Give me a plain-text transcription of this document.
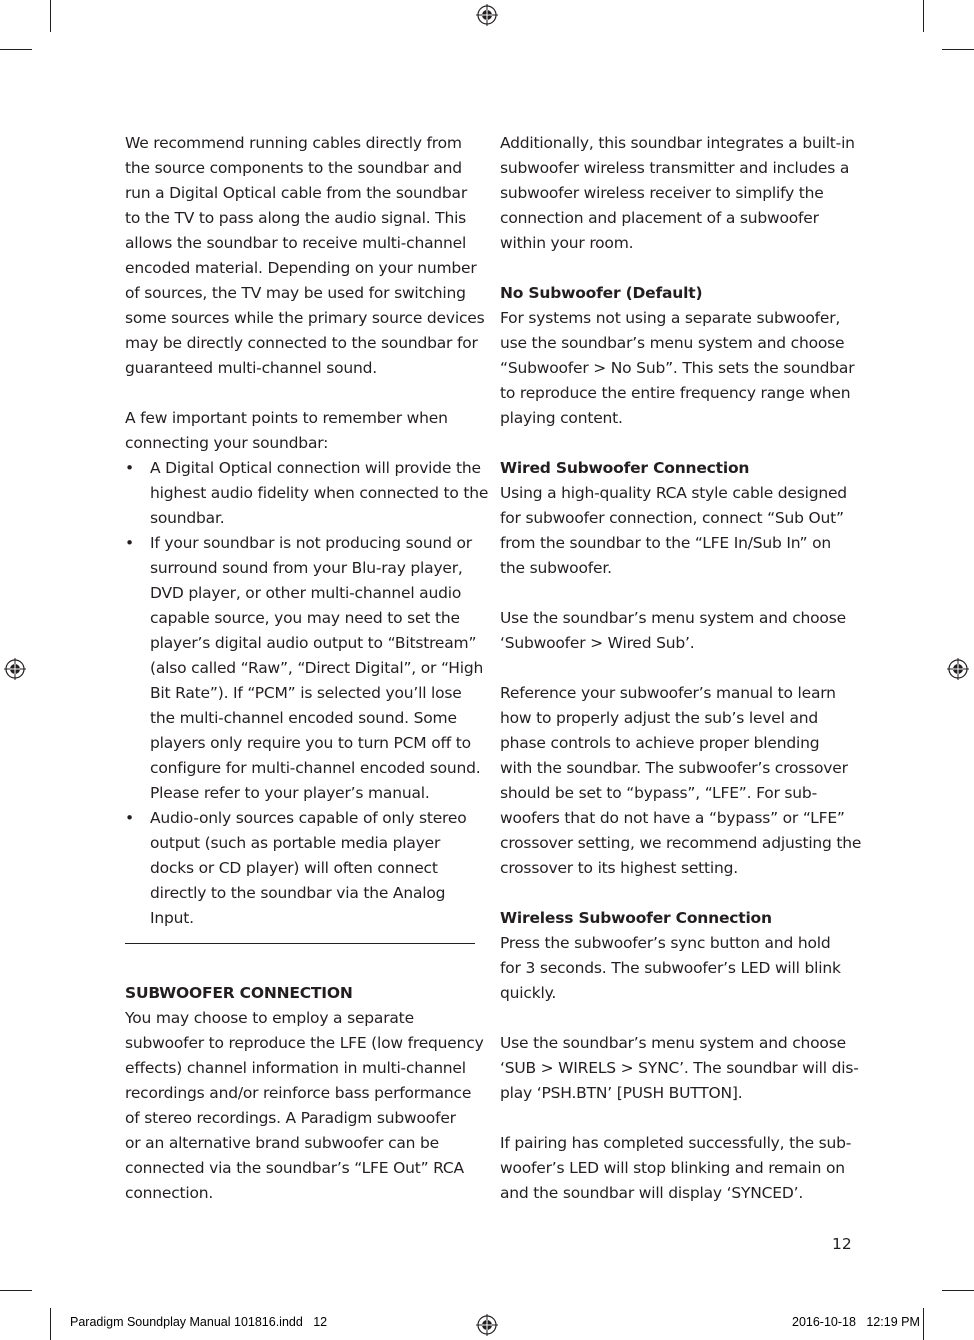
We recommend running cables directly from
the source components to the soundbar and
run a Digital Optical cable from the soundbar
to the TV to pass along the audio signal. This
allows the soundbar to receive multi-channel
encoded material. Depending on your number
of sources, the TV may be used for switching
some sources while the primary source devices
may be directly connected to the soundbar for
guaranteed multi-channel sound.
A few important points to remember when
connecting your soundbar:
•	A Digital Optical connection will provide the
highest audio fidelity when connected to the
soundbar.
•	If your soundbar is not producing sound or
surround sound from your Blu-ray player,
DVD player, or other multi-channel audio
capable source, you may need to set the
player’s digital audio output to “Bitstream”
(also called “Raw”, “Direct Digital”, or “High
Bit Rate”). If “PCM” is selected you’ll lose
the multi-channel encoded sound. Some
players only require you to turn PCM off to
configure for multi-channel encoded sound.
Please refer to your player’s manual.
•	Audio-only sources capable of only stereo
output (such as portable media player
docks or CD player) will often connect
directly to the soundbar via the Analog
Input.
SUBWOOFER CONNECTION
You may choose to employ a separate
subwoofer to reproduce the LFE (low frequency
effects) channel information in multi-channel
recordings and/or reinforce bass performance
of stereo recordings. A Paradigm subwoofer
or an alternative brand subwoofer can be
connected via the soundbar’s “LFE Out” RCA
connection.
Additionally, this soundbar integrates a built-in
subwoofer wireless transmitter and includes a
subwoofer wireless receiver to simplify the
connection and placement of a subwoofer
within your room.
No Subwoofer (Default)
For systems not using a separate subwoofer,
use the soundbar’s menu system and choose
“Subwoofer > No Sub”. This sets the soundbar
to reproduce the entire frequency range when
playing content.
Wired Subwoofer Connection
Using a high-quality RCA style cable designed
for subwoofer connection, connect “Sub Out”
from the soundbar to the “LFE In/Sub In” on
the subwoofer.
Use the soundbar’s menu system and choose
‘Subwoofer > Wired Sub’.
Reference your subwoofer’s manual to learn
how to properly adjust the sub’s level and
phase controls to achieve proper blending
with the soundbar. The subwoofer’s crossover
should be set to “bypass”, “LFE”. For sub-
woofers that do not have a “bypass” or “LFE”
crossover setting, we recommend adjusting the
crossover to its highest setting.
Wireless Subwoofer Connection
Press the subwoofer’s sync button and hold
for 3 seconds. The subwoofer’s LED will blink
quickly.
Use the soundbar’s menu system and choose
‘SUB > WIRELS > SYNC’. The soundbar will dis-
play ‘PSH.BTN’ [PUSH BUTTON].
If pairing has completed successfully, the sub-
woofer’s LED will stop blinking and remain on
and the soundbar will display ‘SYNCED’.
12
Paradigm Soundplay Manual 101816.indd   12	2016-10-18   12:19 PM
